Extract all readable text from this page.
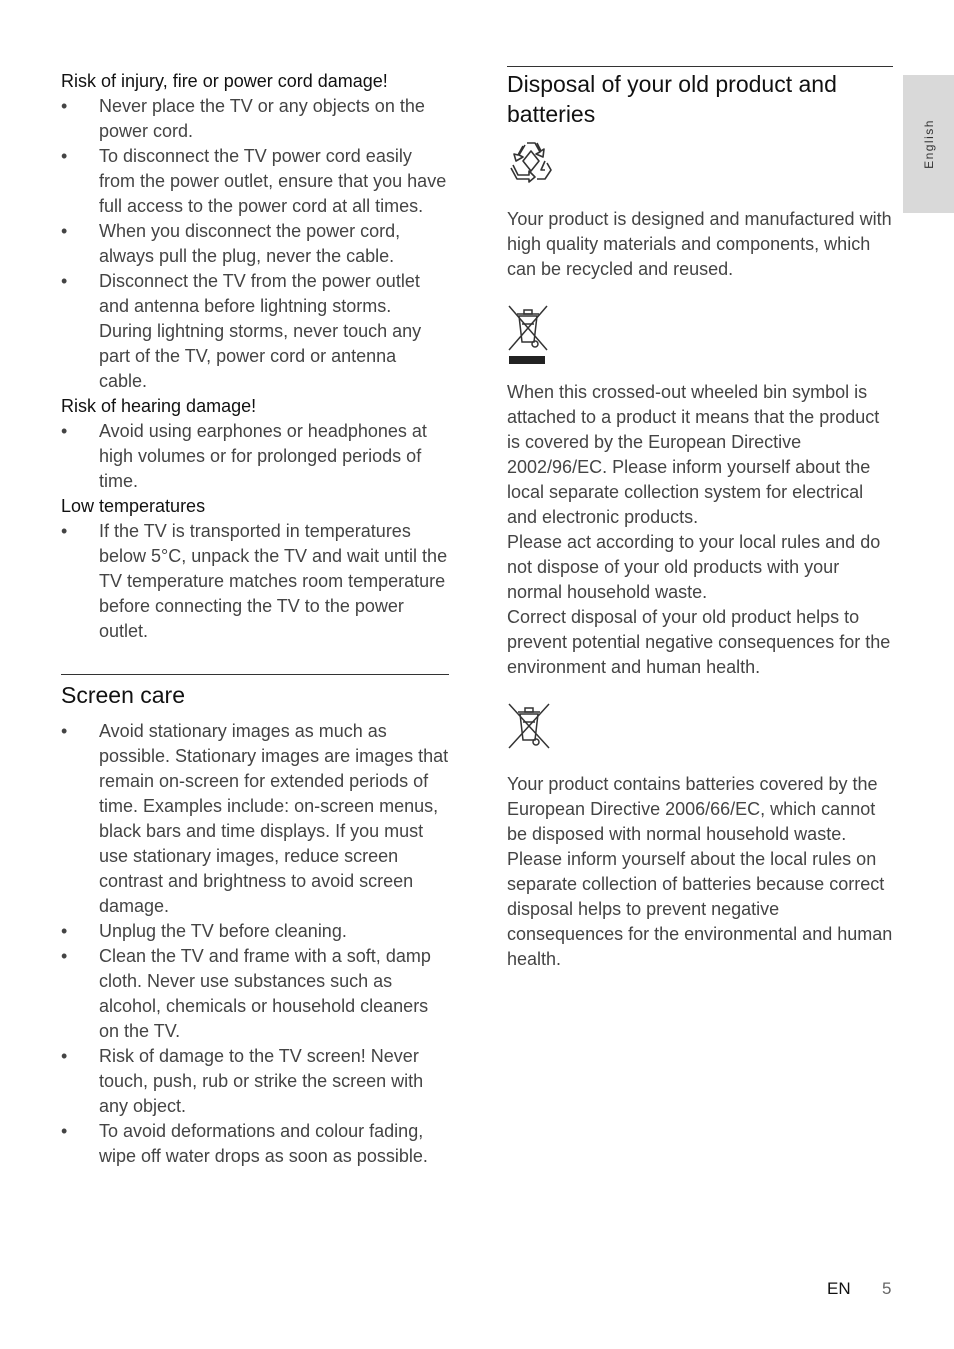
English
Risk of injury, fire or power cord damage!
• Never place the TV or any objects on the power cord.
• To disconnect the TV power cord easily from the power outlet, ensure that you have full access to the power cord at all times.
• When you disconnect the power cord, always pull the plug, never the cable.
• Disconnect the TV from the power outlet and antenna before lightning storms. During lightning storms, never touch any part of the TV, power cord or antenna cable.
Risk of hearing damage!
• Avoid using earphones or headphones at high volumes or for prolonged periods of time.
Low temperatures
• If the TV is transported in temperatures below 5°C, unpack the TV and wait until the TV temperature matches room temperature before connecting the TV to the power outlet.
Screen care
• Avoid stationary images as much as possible. Stationary images are images that remain on-screen for extended periods of time. Examples include: on-screen menus, black bars and time displays. If you must use stationary images, reduce screen contrast and brightness to avoid screen damage.
• Unplug the TV before cleaning.
• Clean the TV and frame with a soft, damp cloth. Never use substances such as alcohol, chemicals or household cleaners on the TV.
• Risk of damage to the TV screen! Never touch, push, rub or strike the screen with any object.
• To avoid deformations and colour fading, wipe off water drops as soon as possible.
Disposal of your old product and batteries

Your product is designed and manufactured with high quality materials and components, which can be recycled and reused.

When this crossed-out wheeled bin symbol is attached to a product it means that the product is covered by the European Directive 2002/96/EC. Please inform yourself about the local separate collection system for electrical and electronic products.

Please act according to your local rules and do not dispose of your old products with your normal household waste.

Correct disposal of your old product helps to prevent potential negative consequences for the environment and human health.

Your product contains batteries covered by the European Directive 2006/66/EC, which cannot be disposed with normal household waste.

Please inform yourself about the local rules on separate collection of batteries because correct disposal helps to prevent negative consequences for the environmental and human health.

EN 5
